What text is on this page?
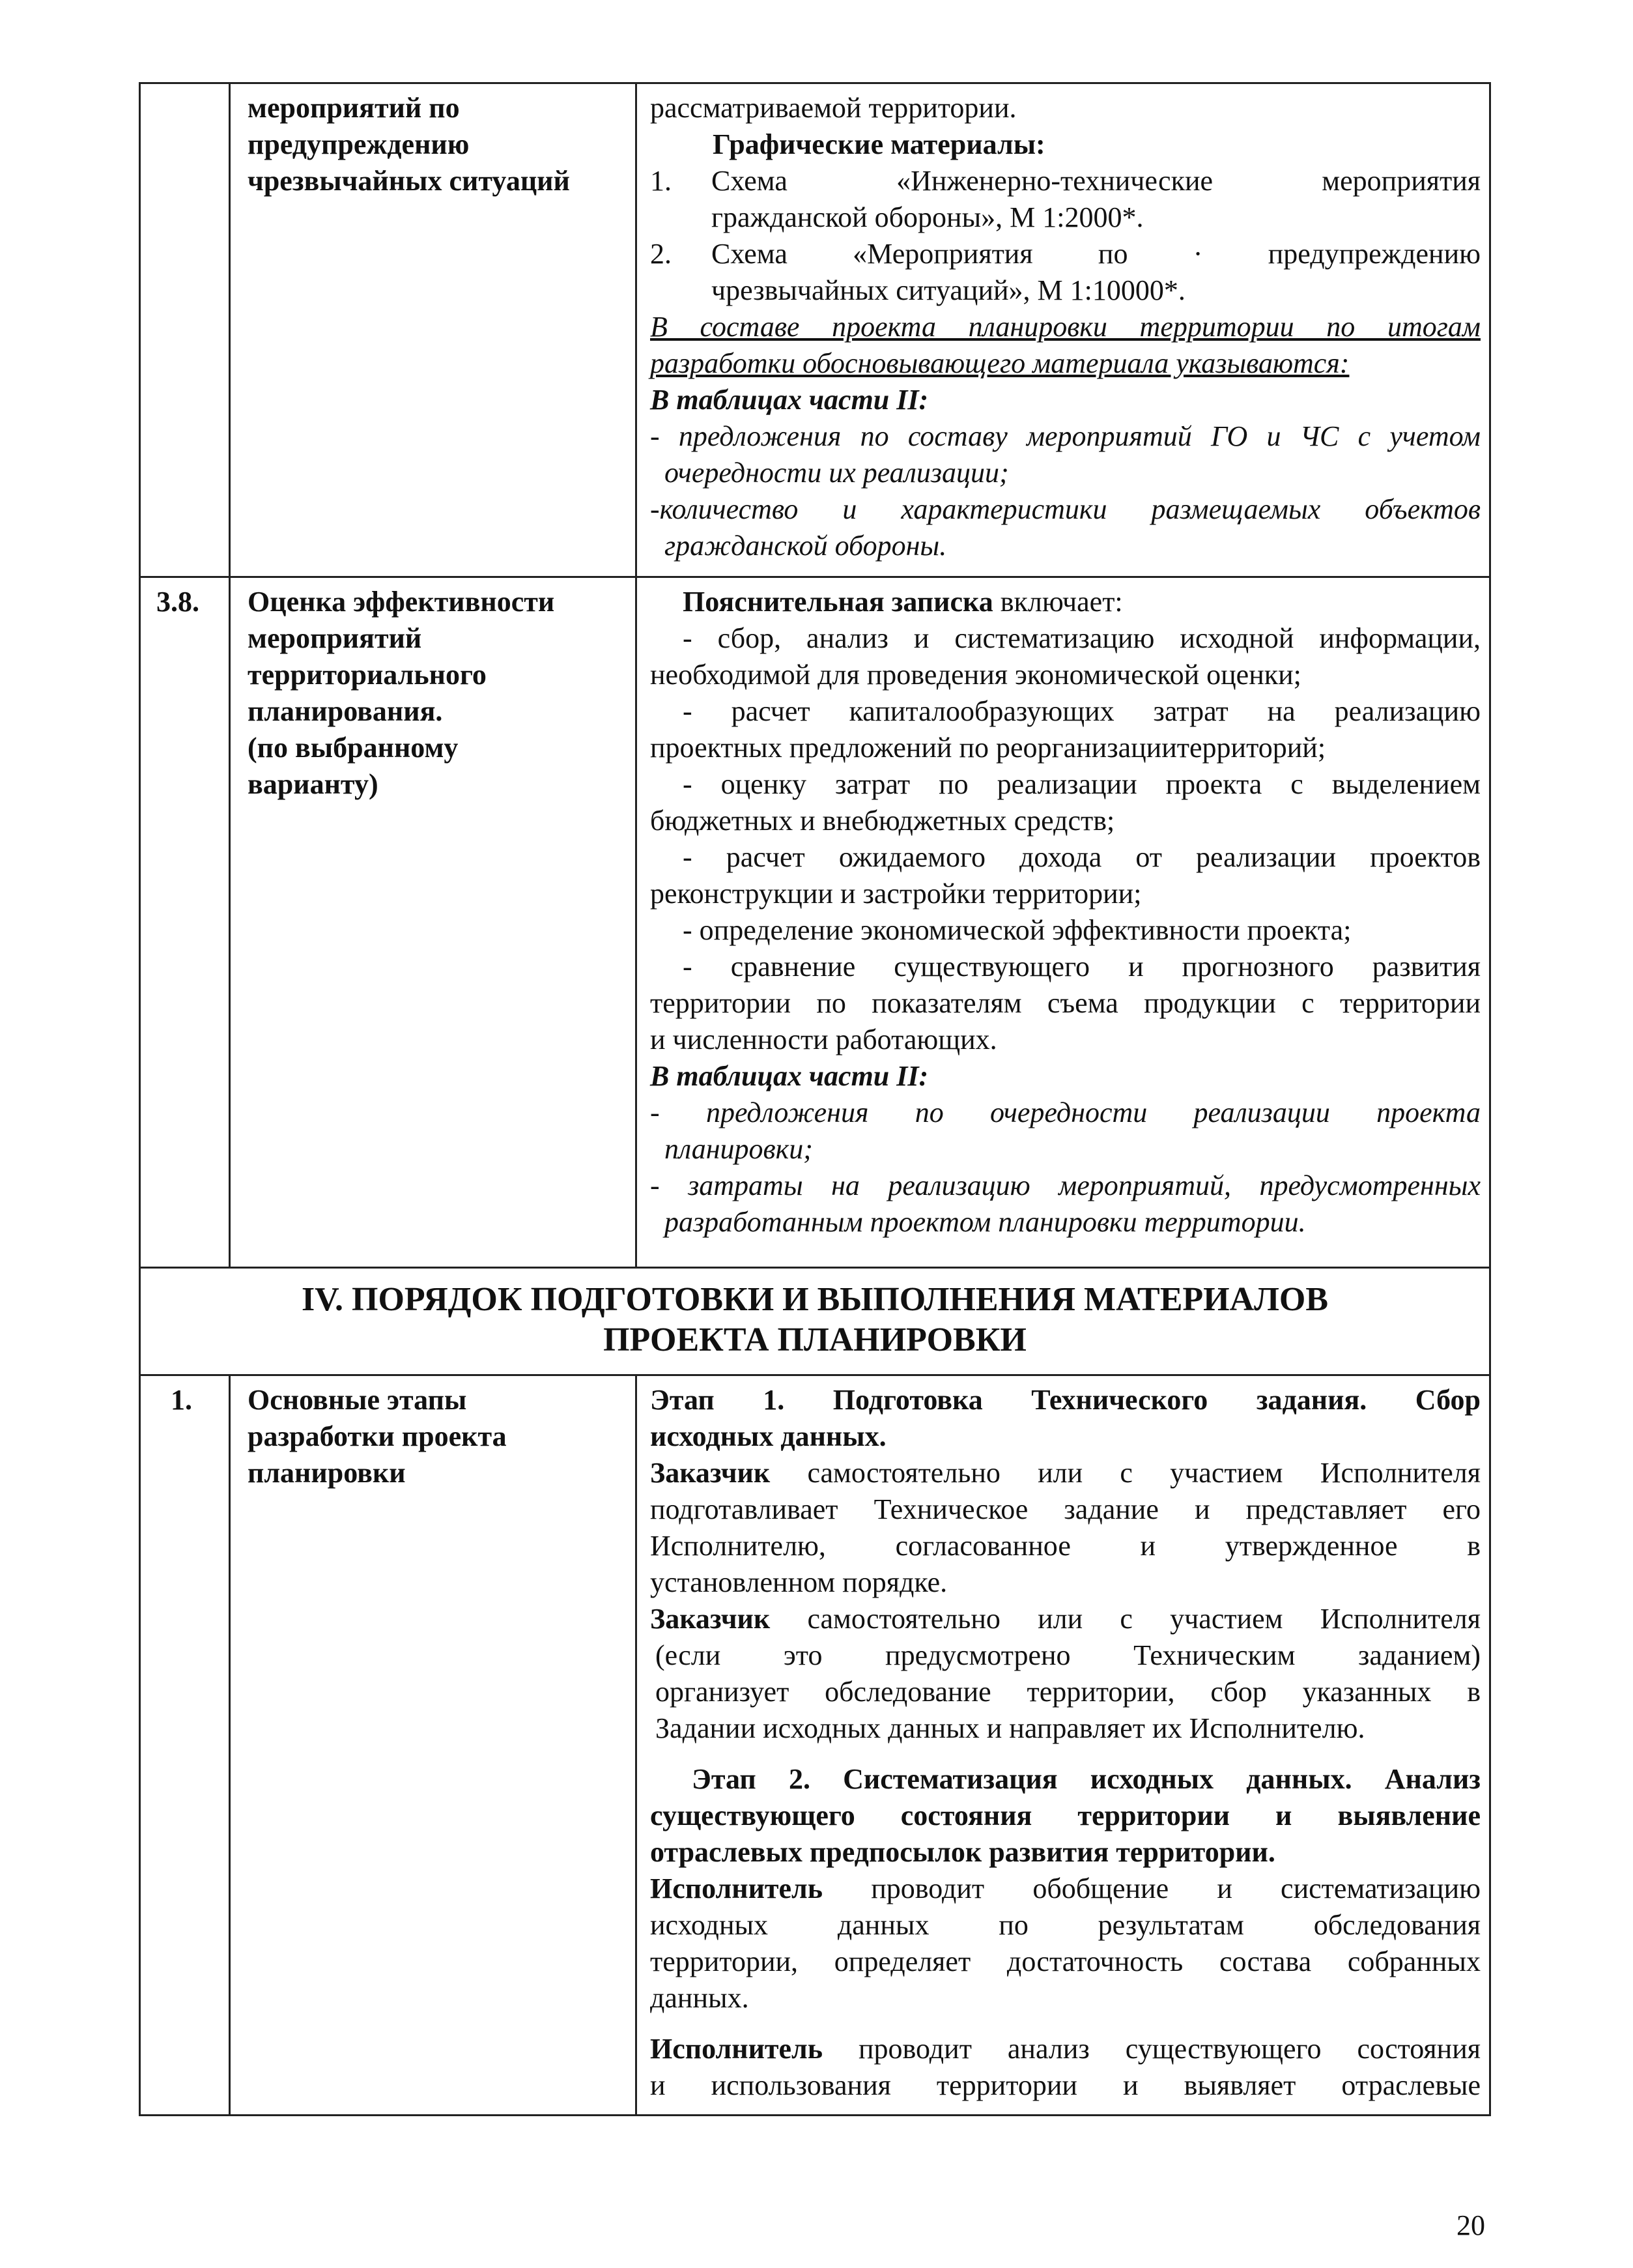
мероприятий по
предупреждению
чрезвычайных ситуаций
рассматриваемой территории.
Графические материалы:
1. Схема «Инженерно-технические мероприятия
гражданской обороны», М 1:2000*.
2. Схема «Мероприятия по · предупреждению
чрезвычайных ситуаций», М 1:10000*.
В составе проекта планировки территории по итогам
разработки обосновывающего материала указываются:
В таблицах части II:
- предложения по составу мероприятий ГО и ЧС с учетом
очередности их реализации;
-количество и характеристики размещаемых объектов
гражданской обороны.
3.8. Оценка эффективности
мероприятий
территориального
планирования.
(по выбранному
варианту)
Пояснительная записка включает:
- сбор, анализ и систематизацию исходной информации,
необходимой для проведения экономической оценки;
- расчет капиталообразующих затрат на реализацию
проектных предложений по реорганизациитерриторий;
- оценку затрат по реализации проекта с выделением
бюджетных и внебюджетных средств;
- расчет ожидаемого дохода от реализации проектов
реконструкции и застройки территории;
- определение экономической эффективности проекта;
- сравнение существующего и прогнозного развития
территории по показателям съема продукции с территории
и численности работающих.
В таблицах части II:
- предложения по очередности реализации проекта
планировки;
- затраты на реализацию мероприятий, предусмотренных
разработанным проектом планировки территории.
IV. ПОРЯДОК ПОДГОТОВКИ И ВЫПОЛНЕНИЯ МАТЕРИАЛОВ
ПРОЕКТА ПЛАНИРОВКИ
1. Основные этапы
разработки проекта
планировки
Этап 1. Подготовка Технического задания. Сбор
исходных данных.
Заказчик самостоятельно или с участием Исполнителя
подготавливает Техническое задание и представляет его
Исполнителю, согласованное и утвержденное в
установленном порядке.
Заказчик самостоятельно или с участием Исполнителя
(если это предусмотрено Техническим заданием)
организует обследование территории, сбор указанных в
Задании исходных данных и направляет их Исполнителю.
Этап 2. Систематизация исходных данных. Анализ
существующего состояния территории и выявление
отраслевых предпосылок развития территории.
Исполнитель проводит обобщение и систематизацию
исходных данных по результатам обследования
территории, определяет достаточность состава собранных
данных.
Исполнитель проводит анализ существующего состояния
и использования территории и выявляет отраслевые
20
